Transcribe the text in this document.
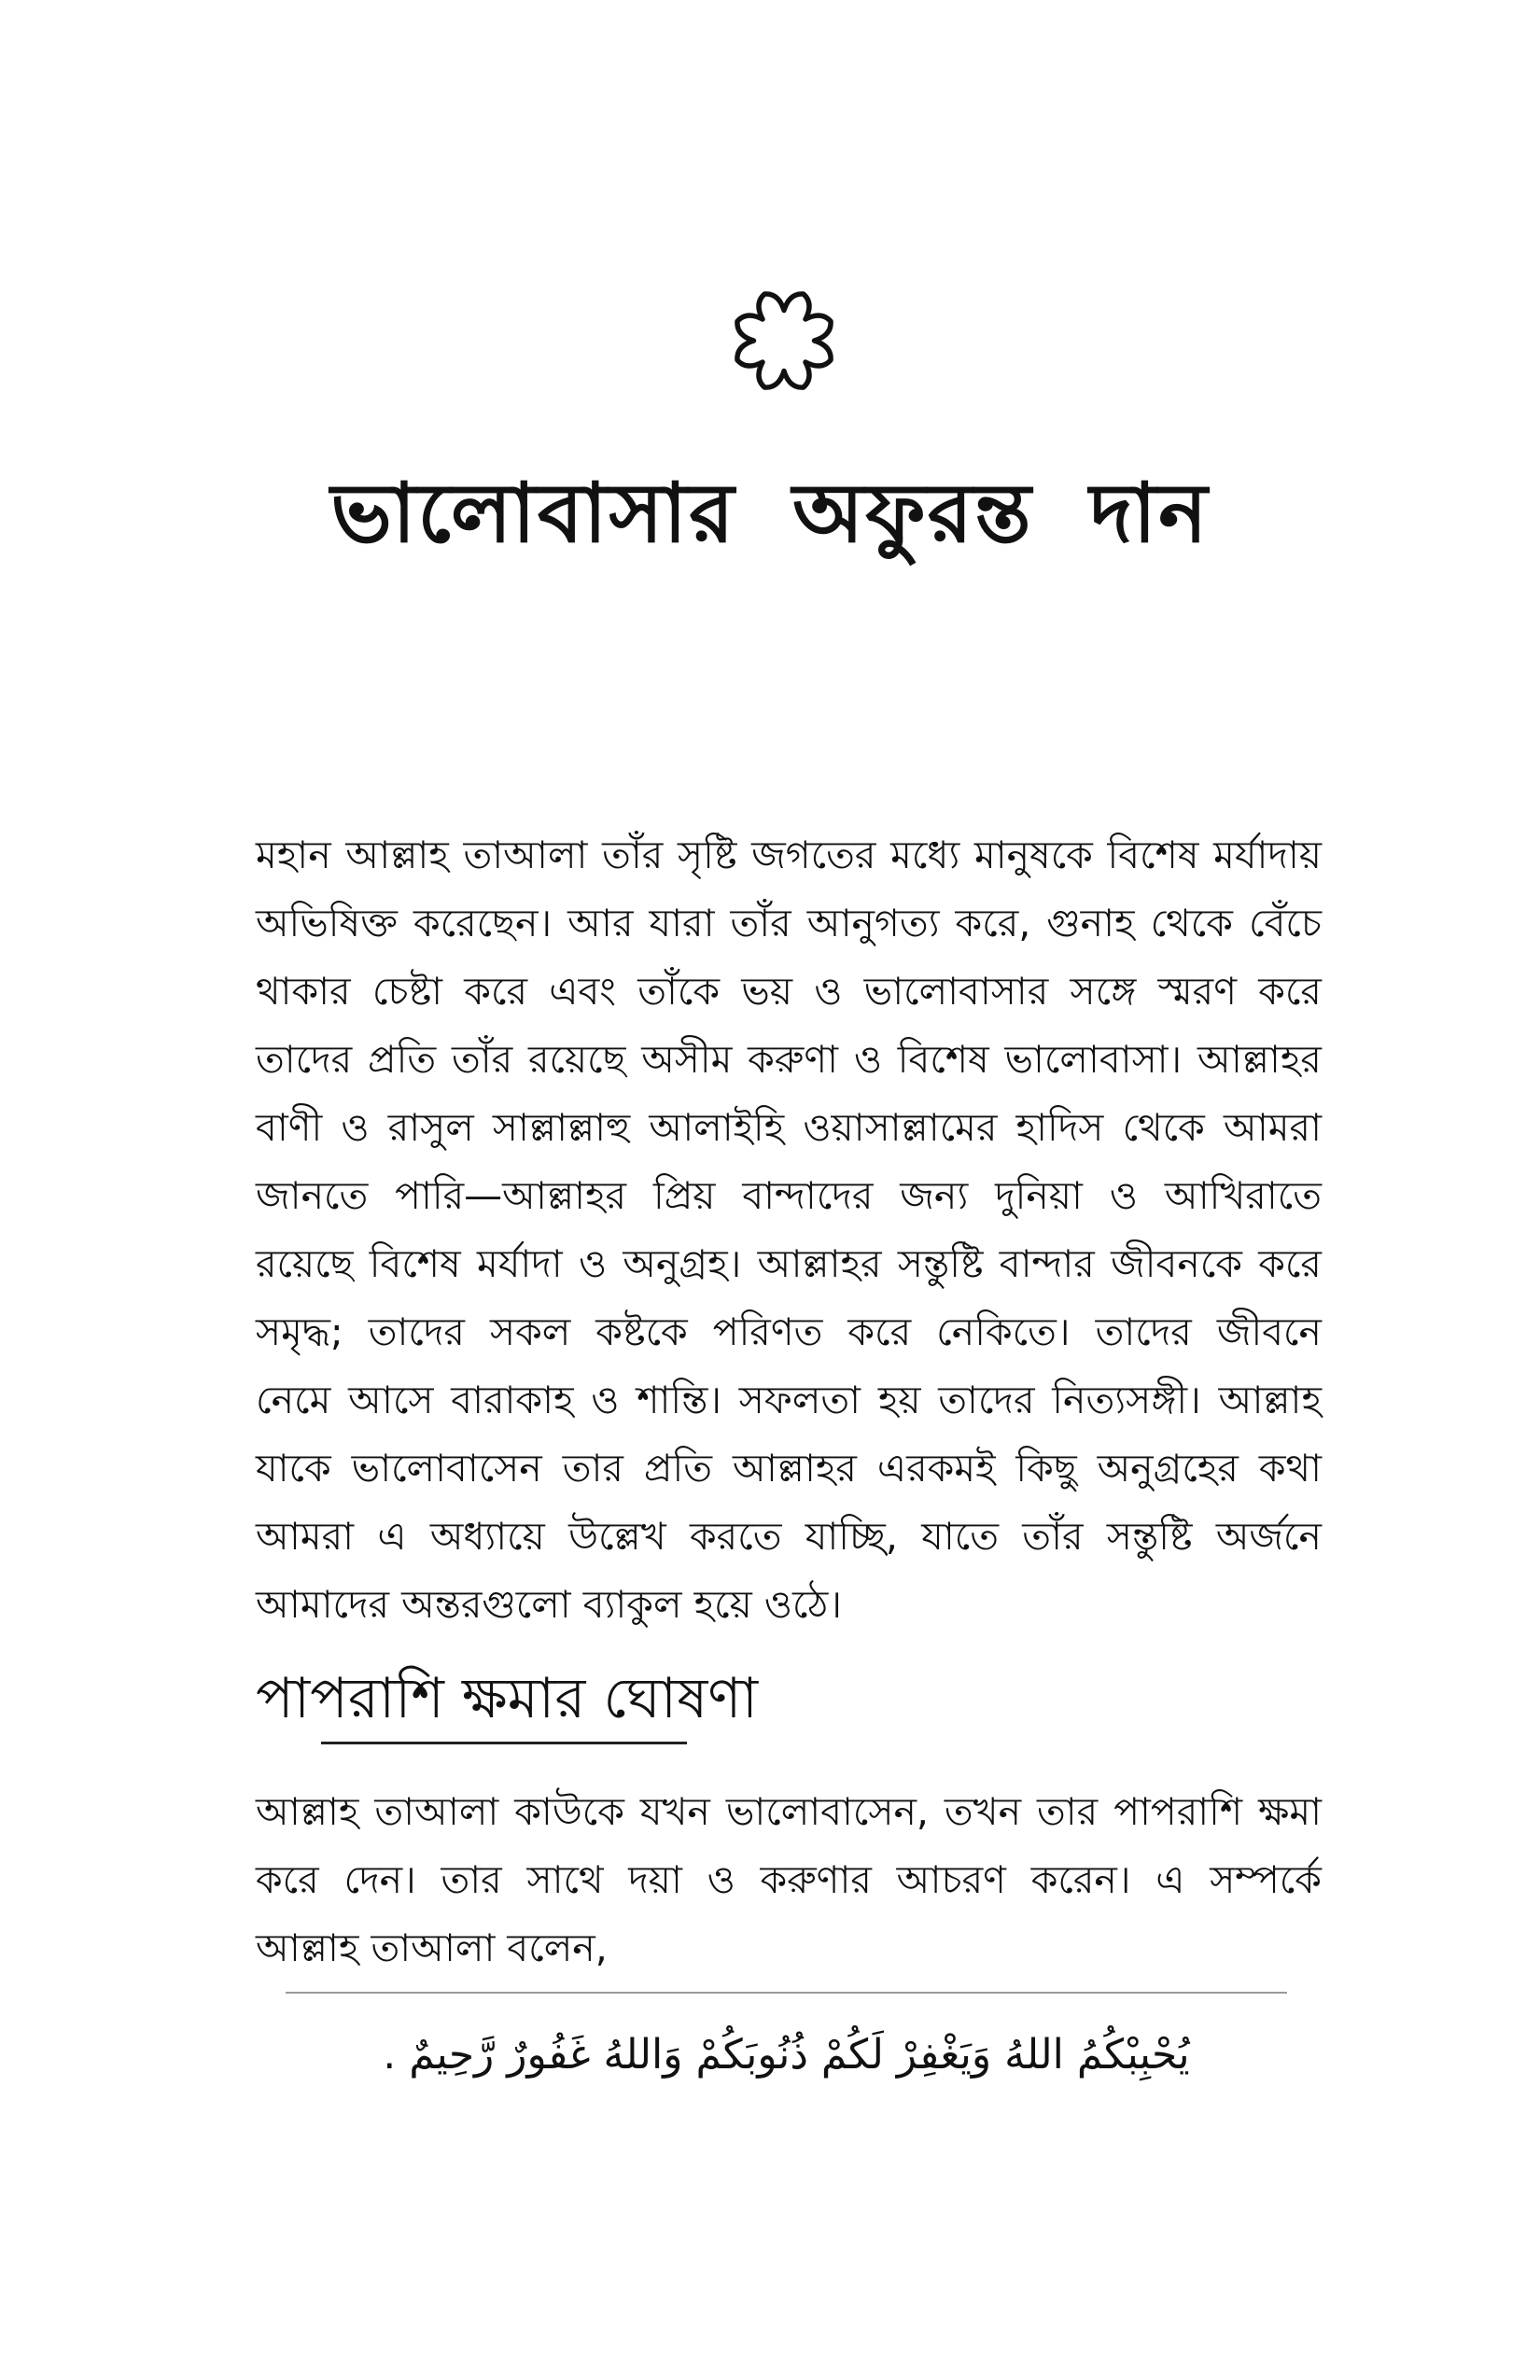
ভালোবাসার অফুরন্ত দান
মহান আল্লাহ তাআলা তাঁর সৃষ্টি জগতের মধ্যে মানুষকে বিশেষ মর্যাদায়
অভিষিক্ত করেছেন। আর যারা তাঁর আনুগত্য করে, গুনাহ থেকে বেঁচে
থাকার চেষ্টা করে এবং তাঁকে ভয় ও ভালোবাসার সঙ্গে স্মরণ করে
তাদের প্রতি তাঁর রয়েছে অসীম করুণা ও বিশেষ ভালোবাসা। আল্লাহর
বাণী ও রাসুল সাল্লাল্লাহু আলাইহি ওয়াসাল্লামের হাদিস থেকে আমরা
জানতে পারি—আল্লাহর প্রিয় বান্দাদের জন্য দুনিয়া ও আখিরাতে
রয়েছে বিশেষ মর্যাদা ও অনুগ্রহ। আল্লাহর সন্তুষ্টি বান্দার জীবনকে করে
সমৃদ্ধ; তাদের সকল কষ্টকে পরিণত করে নেকিতে। তাদের জীবনে
নেমে আসে বারাকাহ ও শান্তি। সফলতা হয় তাদের নিত্যসঙ্গী। আল্লাহ
যাকে ভালোবাসেন তার প্রতি আল্লাহর এরকমই কিছু অনুগ্রহের কথা
আমরা এ অধ্যায়ে উল্লেখ করতে যাচ্ছি, যাতে তাঁর সন্তুষ্টি অর্জনে
আমাদের অন্তরগুলো ব্যাকুল হয়ে ওঠে।
পাপরাশি ক্ষমার ঘোষণা
আল্লাহ তাআলা কাউকে যখন ভালোবাসেন, তখন তার পাপরাশি ক্ষমা
করে দেন। তার সাথে দয়া ও করুণার আচরণ করেন। এ সম্পর্কে
আল্লাহ তাআলা বলেন,
يُحْبِبْكُمُ اللهُ وَيَغْفِرْ لَكُمْ ذُنُوبَكُمْ وَاللهُ غَفُورٌ رَّحِيمٌ .
